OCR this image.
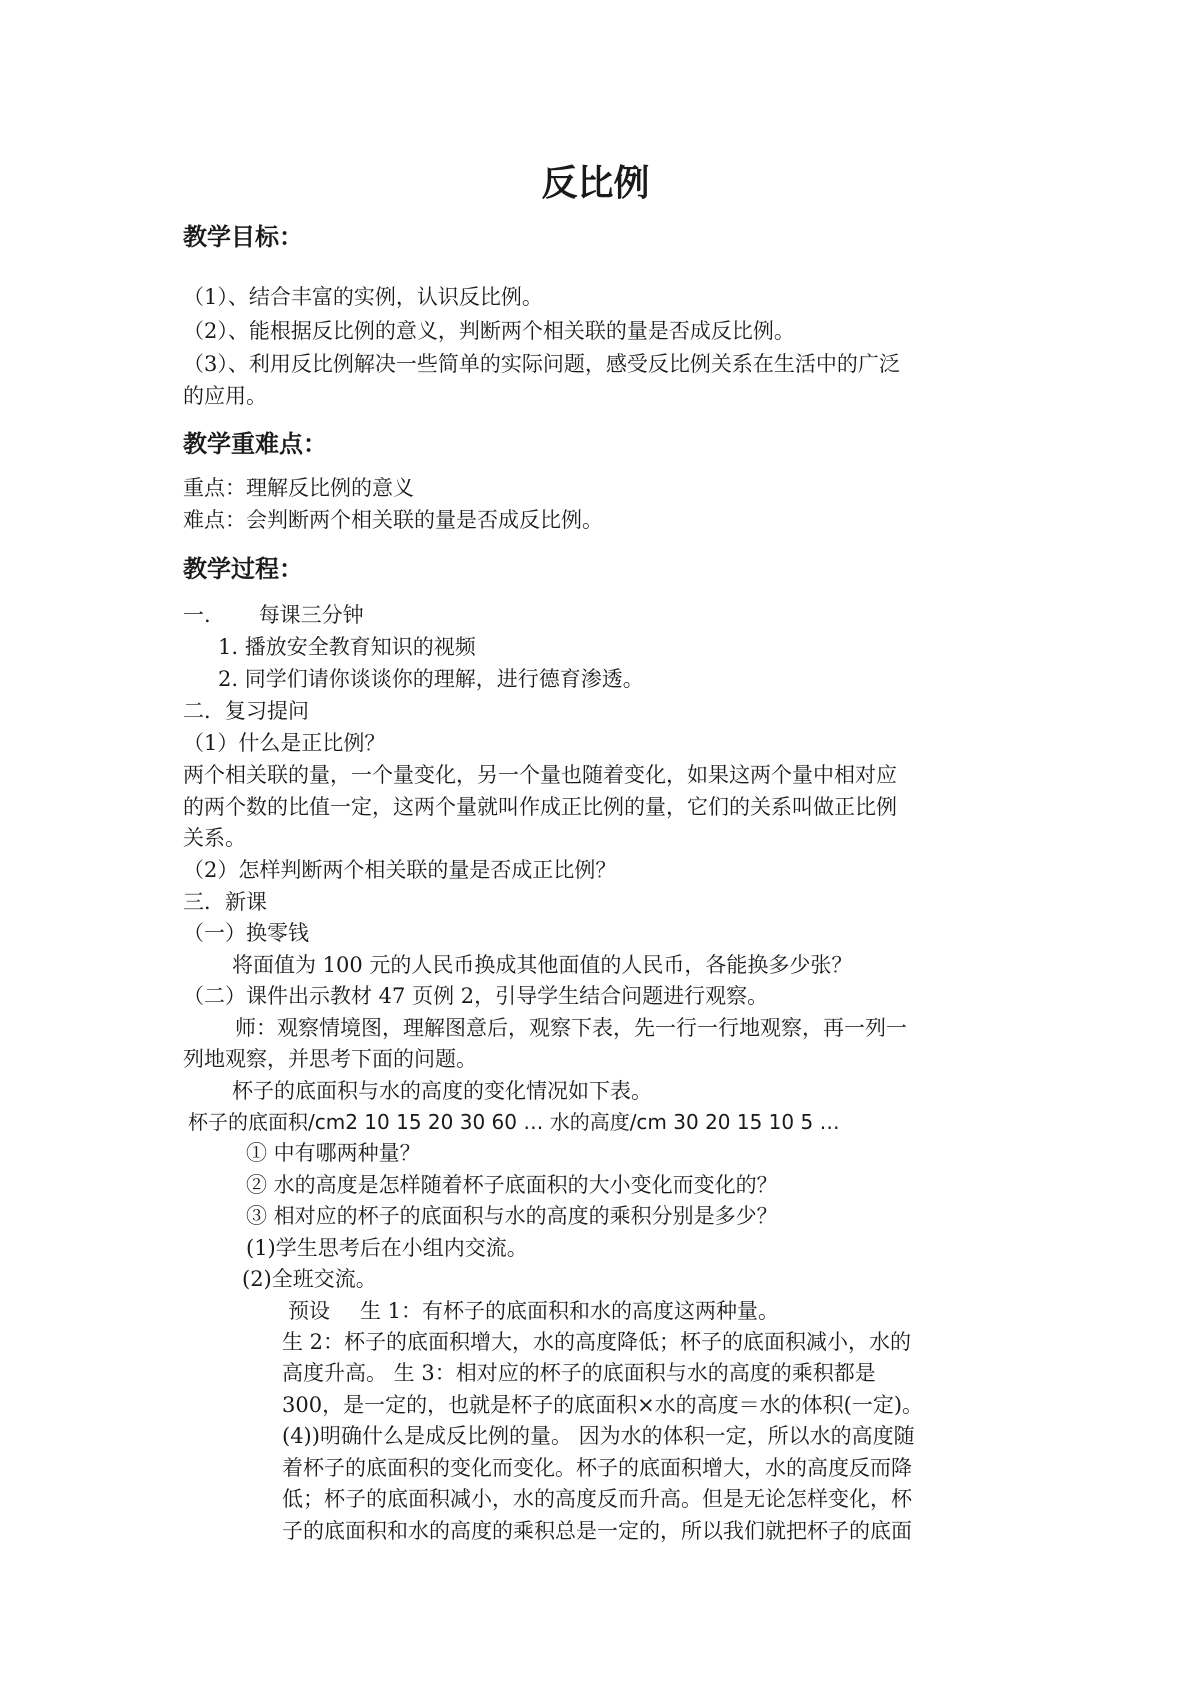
反比例
教学目标：

（1）、结合丰富的实例，认识反比例。

（2）、能根据反比例的意义，判断两个相关联的量是否成反比例。

（3）、利用反比例解决一些简单的实际问题，感受反比例关系在生活中的广泛

的应用。

教学重难点：

重点：理解反比例的意义

难点：会判断两个相关联的量是否成反比例。

教学过程：

一. 每课三分钟

1. 播放安全教育知识的视频

2. 同学们请你谈谈你的理解，进行德育渗透。

二．复习提问

（1）什么是正比例？

两个相关联的量，一个量变化，另一个量也随着变化，如果这两个量中相对应

的两个数的比值一定，这两个量就叫作成正比例的量，它们的关系叫做正比例

关系。

（2）怎样判断两个相关联的量是否成正比例？

三．新课

（一）换零钱

将面值为 100 元的人民币换成其他面值的人民币，各能换多少张？

（二）课件出示教材 47 页例 2，引导学生结合问题进行观察。

师：观察情境图，理解图意后，观察下表，先一行一行地观察，再一列一

列地观察，并思考下面的问题。

杯子的底面积与水的高度的变化情况如下表。

杯子的底面积/cm2 10 15 20 30 60 … 水的高度/cm 30 20 15 10 5 …

① 中有哪两种量？

② 水的高度是怎样随着杯子底面积的大小变化而变化的？

③ 相对应的杯子的底面积与水的高度的乘积分别是多少？

(1)学生思考后在小组内交流。

(2)全班交流。

预设 生 1：有杯子的底面积和水的高度这两种量。

生 2：杯子的底面积增大，水的高度降低；杯子的底面积减小，水的

高度升高。 生 3：相对应的杯子的底面积与水的高度的乘积都是

300，是一定的，也就是杯子的底面积×水的高度＝水的体积(一定)。

(4))明确什么是成反比例的量。 因为水的体积一定，所以水的高度随

着杯子的底面积的变化而变化。杯子的底面积增大，水的高度反而降

低；杯子的底面积减小，水的高度反而升高。但是无论怎样变化，杯

子的底面积和水的高度的乘积总是一定的，所以我们就把杯子的底面
